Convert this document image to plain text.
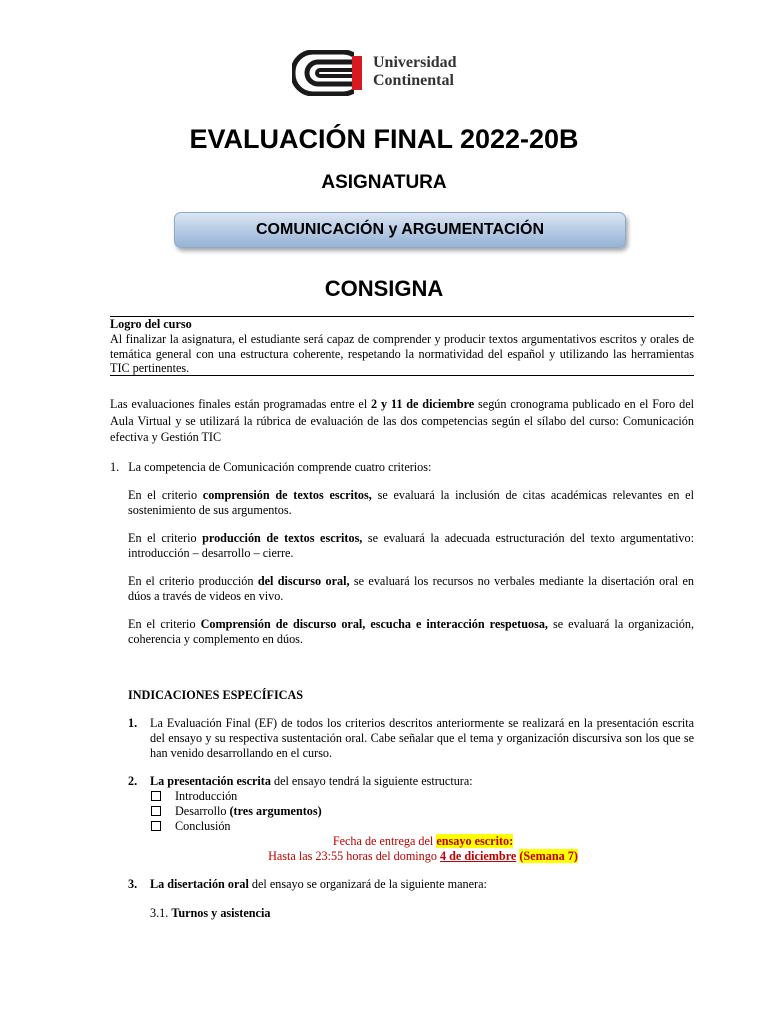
Universidad
Continental
EVALUACIÓN FINAL 2022-20B
ASIGNATURA
COMUNICACIÓN y ARGUMENTACIÓN
CONSIGNA
Logro del curso
Al finalizar la asignatura, el estudiante será capaz de comprender y producir textos argumentativos escritos y orales de temática general con una estructura coherente, respetando la normatividad del español y utilizando las herramientas TIC pertinentes.
Las evaluaciones finales están programadas entre el 2 y 11 de diciembre según cronograma publicado en el Foro del Aula Virtual y se utilizará la rúbrica de evaluación de las dos competencias según el sílabo del curso: Comunicación efectiva y Gestión TIC
1. La competencia de Comunicación comprende cuatro criterios:
En el criterio comprensión de textos escritos, se evaluará la inclusión de citas académicas relevantes en el sostenimiento de sus argumentos.
En el criterio producción de textos escritos, se evaluará la adecuada estructuración del texto argumentativo: introducción – desarrollo – cierre.
En el criterio producción del discurso oral, se evaluará los recursos no verbales mediante la disertación oral en dúos a través de videos en vivo.
En el criterio Comprensión de discurso oral, escucha e interacción respetuosa, se evaluará la organización, coherencia y complemento en dúos.
INDICACIONES ESPECÍFICAS
1. La Evaluación Final (EF) de todos los criterios descritos anteriormente se realizará en la presentación escrita del ensayo y su respectiva sustentación oral. Cabe señalar que el tema y organización discursiva son los que se han venido desarrollando en el curso.
2. La presentación escrita del ensayo tendrá la siguiente estructura:
Introducción
Desarrollo (tres argumentos)
Conclusión
Fecha de entrega del ensayo escrito:
Hasta las 23:55 horas del domingo 4 de diciembre (Semana 7)
3. La disertación oral del ensayo se organizará de la siguiente manera:
3.1. Turnos y asistencia
